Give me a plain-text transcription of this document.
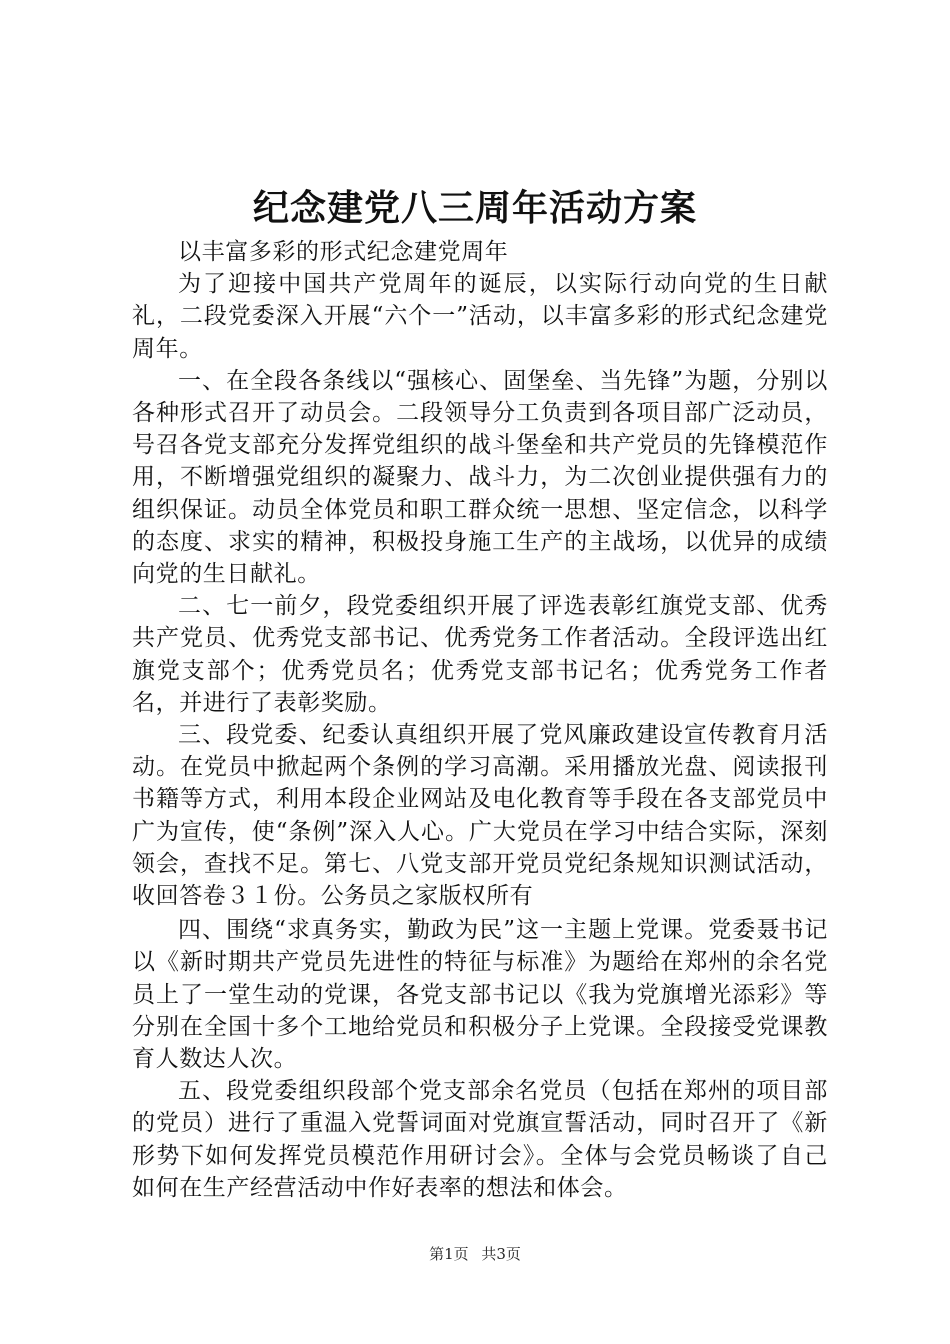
纪念建党八三周年活动方案

以丰富多彩的形式纪念建党周年

为了迎接中国共产党周年的诞辰，以实际行动向党的生日献礼，二段党委深入开展“六个一”活动，以丰富多彩的形式纪念建党周年。

一、在全段各条线以“强核心、固堡垒、当先锋”为题，分别以各种形式召开了动员会。二段领导分工负责到各项目部广泛动员，号召各党支部充分发挥党组织的战斗堡垒和共产党员的先锋模范作用，不断增强党组织的凝聚力、战斗力，为二次创业提供强有力的组织保证。动员全体党员和职工群众统一思想、坚定信念，以科学的态度、求实的精神，积极投身施工生产的主战场，以优异的成绩向党的生日献礼。

二、七一前夕，段党委组织开展了评选表彰红旗党支部、优秀共产党员、优秀党支部书记、优秀党务工作者活动。全段评选出红旗党支部个；优秀党员名；优秀党支部书记名；优秀党务工作者名，并进行了表彰奖励。

三、段党委、纪委认真组织开展了党风廉政建设宣传教育月活动。在党员中掀起两个条例的学习高潮。采用播放光盘、阅读报刊书籍等方式，利用本段企业网站及电化教育等手段在各支部党员中广为宣传，使“条例”深入人心。广大党员在学习中结合实际，深刻领会，查找不足。第七、八党支部开党员党纪条规知识测试活动，收回答卷３１份。公务员之家版权所有

四、围绕“求真务实，勤政为民”这一主题上党课。党委聂书记以《新时期共产党员先进性的特征与标准》为题给在郑州的余名党员上了一堂生动的党课，各党支部书记以《我为党旗增光添彩》等分别在全国十多个工地给党员和积极分子上党课。全段接受党课教育人数达人次。

五、段党委组织段部个党支部余名党员（包括在郑州的项目部的党员）进行了重温入党誓词面对党旗宣誓活动，同时召开了《新形势下如何发挥党员模范作用研讨会》。全体与会党员畅谈了自己如何在生产经营活动中作好表率的想法和体会。

第1页 共3页
